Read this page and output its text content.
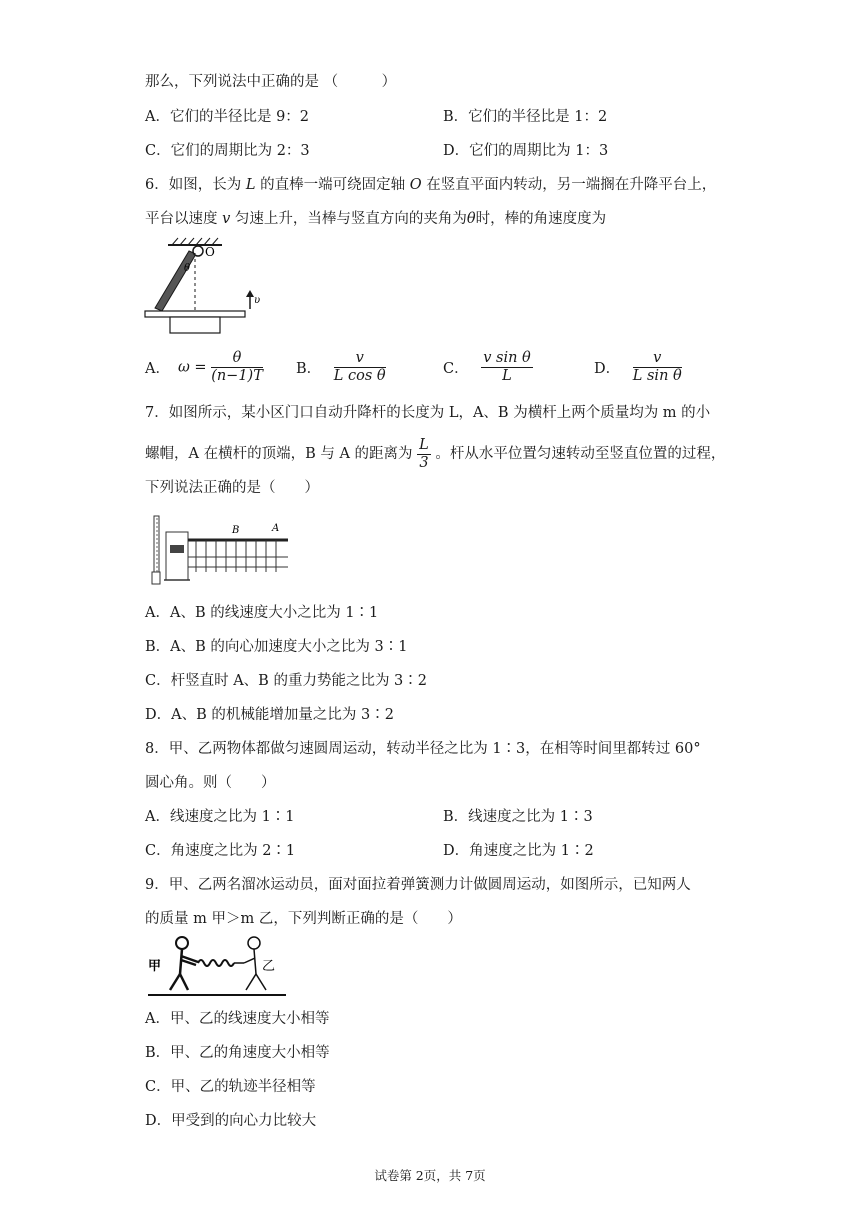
那么，下列说法中正确的是 （　　　）
A．它们的半径比是 9：2	B．它们的半径比是 1：2
C．它们的周期比为 2：3	D．它们的周期比为 1：3
6．如图，长为 L 的直棒一端可绕固定轴 O 在竖直平面内转动，另一端搁在升降平台上，
平台以速度 v 匀速上升，当棒与竖直方向的夹角为θ时，棒的角速度度为
θ
O
υ
A． $\omega = \frac{\theta}{(n-1)T}$ B． $\frac{v}{\text{L cos θ}}$	C． $\frac{\text{v sin θ}}{L}$	D． $\frac{v}{\text{L sin θ}}$
7．如图所示，某小区门口自动升降杆的长度为 L，A、B 为横杆上两个质量均为 m 的小
螺帽，A 在横杆的顶端，B 与 A 的距离为 $\frac{L}{3}$ 。杆从水平位置匀速转动至竖直位置的过程，
下列说法正确的是（　　）
B	A
A．A、B 的线速度大小之比为 1∶1
B．A、B 的向心加速度大小之比为 3∶1
C．杆竖直时 A、B 的重力势能之比为 3∶2
D．A、B 的机械能增加量之比为 3∶2
8．甲、乙两物体都做匀速圆周运动，转动半径之比为 1∶3，在相等时间里都转过 60°
圆心角。则（　　）
A．线速度之比为 1∶1	B．线速度之比为 1∶3
C．角速度之比为 2∶1	D．角速度之比为 1∶2
9．甲、乙两名溜冰运动员，面对面拉着弹簧测力计做圆周运动，如图所示，已知两人
的质量 m 甲＞m 乙，下列判断正确的是（　　）
甲	乙
A．甲、乙的线速度大小相等
B．甲、乙的角速度大小相等
C．甲、乙的轨迹半径相等
D．甲受到的向心力比较大
试卷第 2页，共 7页
